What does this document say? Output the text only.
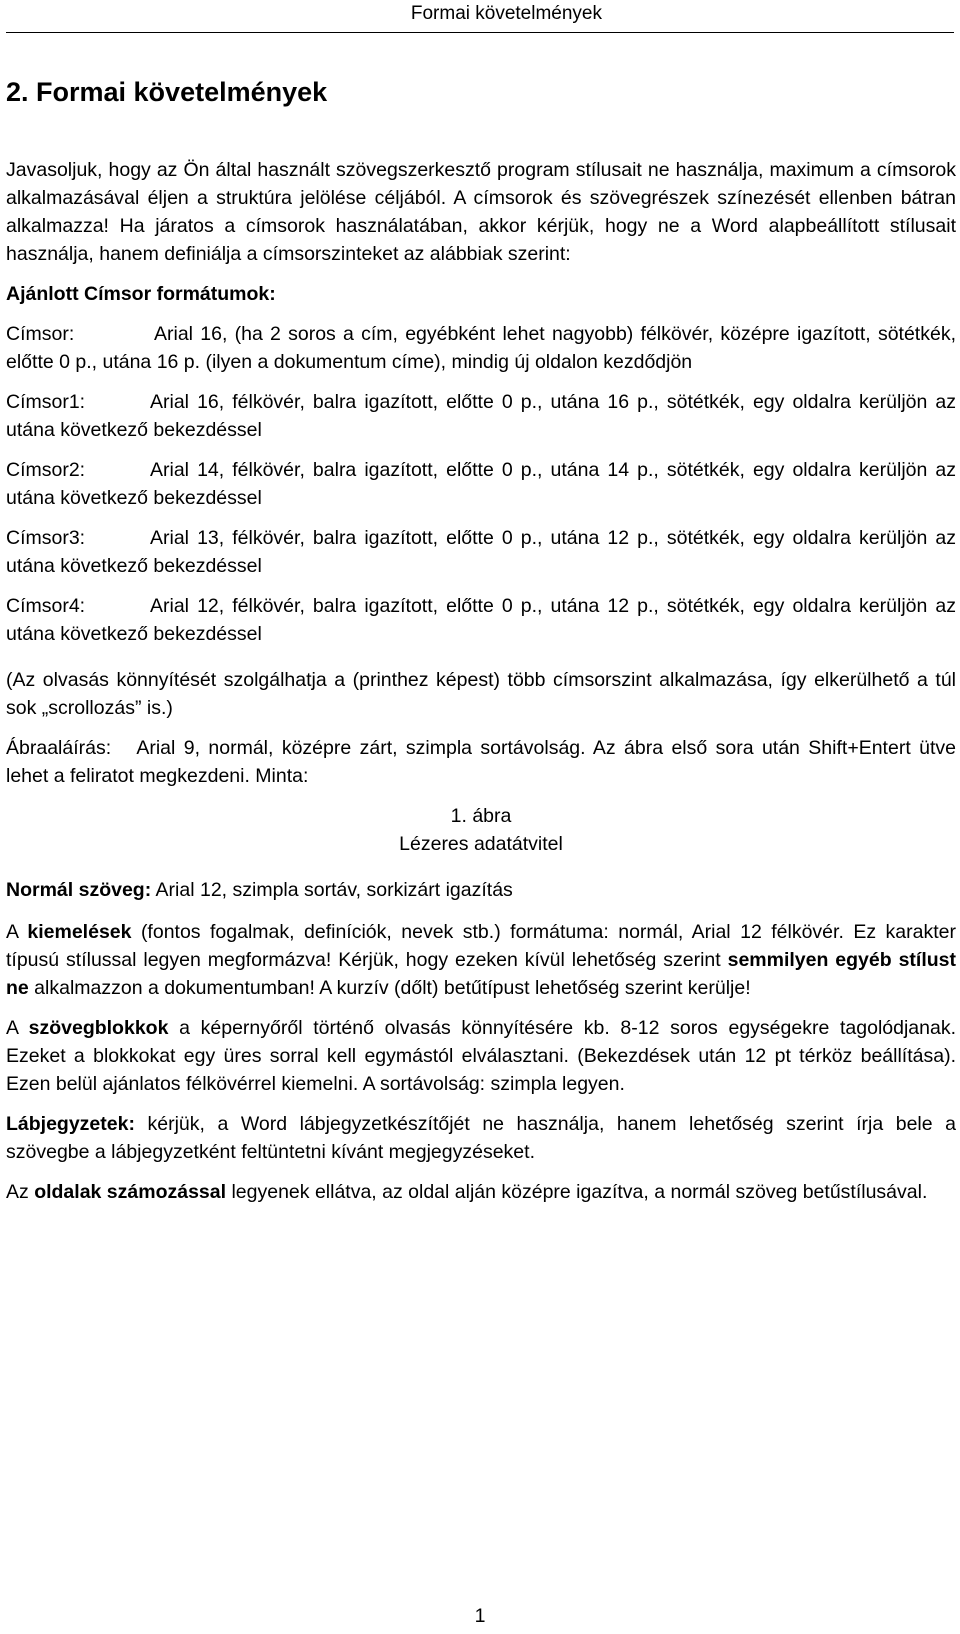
Formai követelmények
2. Formai követelmények

Javasoljuk, hogy az Ön által használt szövegszerkesztő program stílusait ne használja, maximum a címsorok alkalmazásával éljen a struktúra jelölése céljából. A címsorok és szövegrészek színezését ellenben bátran alkalmazza! Ha járatos a címsorok használatában, akkor kérjük, hogy ne a Word alapbeállított stílusait használja, hanem definiálja a címsorszinteket az alábbiak szerint:

Ajánlott Címsor formátumok:

Címsor:	Arial 16, (ha 2 soros a cím, egyébként lehet nagyobb) félkövér, középre igazított, sötétkék, előtte 0 p., utána 16 p. (ilyen a dokumentum címe), mindig új oldalon kezdődjön

Címsor1:	Arial 16, félkövér, balra igazított, előtte 0 p., utána 16 p., sötétkék, egy oldalra kerüljön az utána következő bekezdéssel

Címsor2:	Arial 14, félkövér, balra igazított, előtte 0 p., utána 14 p., sötétkék, egy oldalra kerüljön az utána következő bekezdéssel

Címsor3:	Arial 13, félkövér, balra igazított, előtte 0 p., utána 12 p., sötétkék, egy oldalra kerüljön az utána következő bekezdéssel

Címsor4:	Arial 12, félkövér, balra igazított, előtte 0 p., utána 12 p., sötétkék, egy oldalra kerüljön az utána következő bekezdéssel

(Az olvasás könnyítését szolgálhatja a (printhez képest) több címsorszint alkalmazása, így elkerülhető a túl sok „scrollozás” is.)

Ábraaláírás: Arial 9, normál, középre zárt, szimpla sortávolság. Az ábra első sora után Shift+Entert ütve lehet a feliratot megkezdeni. Minta:

1. ábra
Lézeres adatátvitel

Normál szöveg: Arial 12, szimpla sortáv, sorkizárt igazítás

A kiemelések (fontos fogalmak, definíciók, nevek stb.) formátuma: normál, Arial 12 félkövér. Ez karakter típusú stílussal legyen megformázva! Kérjük, hogy ezeken kívül lehetőség szerint semmilyen egyéb stílust ne alkalmazzon a dokumentumban! A kurzív (dőlt) betűtípust lehetőség szerint kerülje!

A szövegblokkok a képernyőről történő olvasás könnyítésére kb. 8-12 soros egységekre tagolódjanak. Ezeket a blokkokat egy üres sorral kell egymástól elválasztani. (Bekezdések után 12 pt térköz beállítása). Ezen belül ajánlatos félkövérrel kiemelni. A sortávolság: szimpla legyen.

Lábjegyzetek: kérjük, a Word lábjegyzetkészítőjét ne használja, hanem lehetőség szerint írja bele a szövegbe a lábjegyzetként feltüntetni kívánt megjegyzéseket.

Az oldalak számozással legyenek ellátva, az oldal alján középre igazítva, a normál szöveg betűstílusával.

1
